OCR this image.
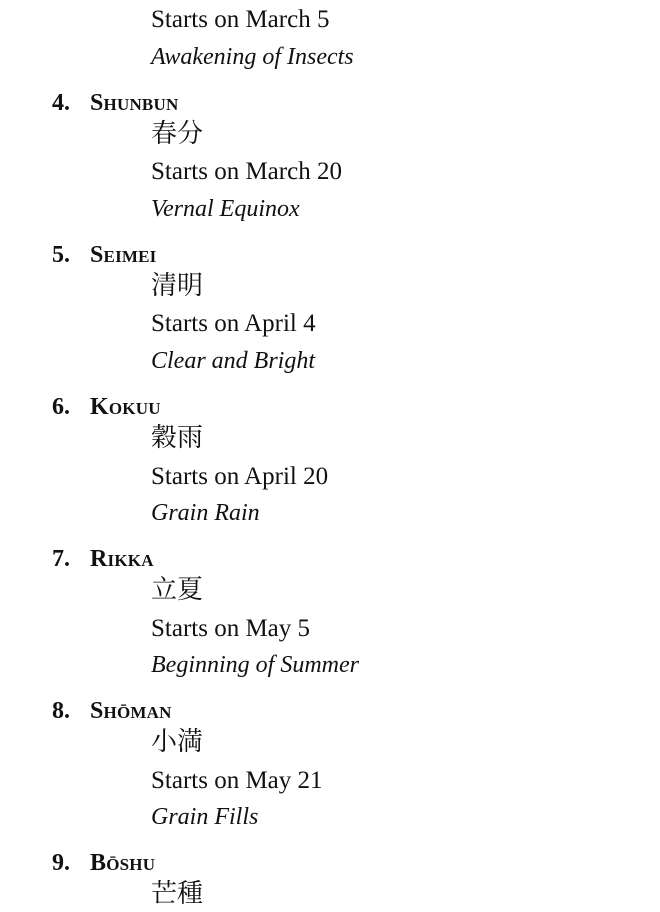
Starts on March 5
Awakening of Insects
4. Shunbun
春分
Starts on March 20
Vernal Equinox
5. Seimei
清明
Starts on April 4
Clear and Bright
6. Kokuu
穀雨
Starts on April 20
Grain Rain
7. Rikka
立夏
Starts on May 5
Beginning of Summer
8. Shōman
小満
Starts on May 21
Grain Fills
9. Bōshu
芒種
